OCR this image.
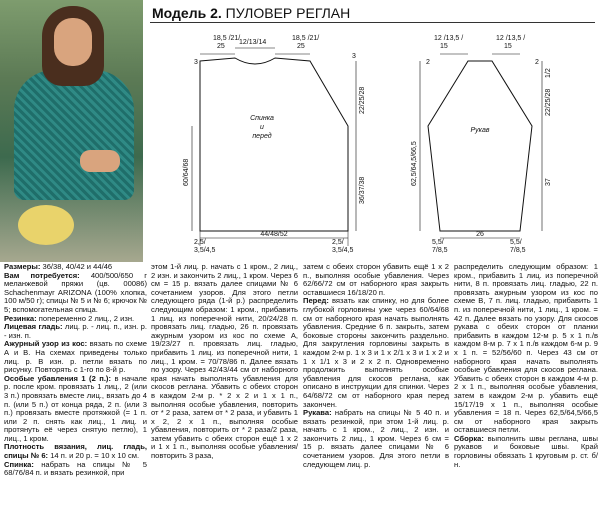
Модель 2. ПУЛОВЕР РЕГЛАН
Спинка
и
перед
18,5 /21/
25
12/13/14
18,5 /21/
25
3
3
60/64/68
22/25/28
36/37/38
44/48/52
2,5/
3,5/4,5
2,5/
3,5/4,5
Рукав
12 /13,5 /
15
12 /13,5 /
15
2	2
62,5/64,5/66,5
22/25/28
37
1/2
26
5,5/
7/8,5
5,5/
7/8,5

Размеры: 36/38, 40/42 и 44/46

Вам потребуется: 400/500/650 г меланжевой пряжи (цв. 00086) Schachenmayr ARIZONA (100% хлопка, 100 м/50 г); спицы № 5 и № 6; крючок № 5; вспомогательная спица.

Резинка: попеременно 2 лиц., 2 изн.

Лицевая гладь: лиц. р. - лиц. п., изн. р. - изн. п.

Ажурный узор из кос: вязать по схеме А и В. На схемах приведены только лиц. р. В изн. р. петли вязать по рисунку. Повторять с 1-го по 8-й р.

Особые убавления 1 (2 п.): в начале р. после кром. провязать 1 лиц., 2 (или 3 п.) провязать вместе лиц., вязать до 4 п. (или 5 п.) от конца ряда, 2 п. (или 3 п.) провязать вместе протяжкой (= 1 п. или 2 п. снять как лиц., 1 лиц. и протянуть её через снятую петлю), 1 лиц., 1 кром.

Плотность вязания, лиц. гладь, спицы № 6: 14 п. и 20 р. = 10 х 10 см.

Спинка: набрать на спицы № 5 68/76/84 п. и вязать резинкой, при

этом 1-й лиц. р. начать с 1 кром., 2 лиц., 2 изн. и закончить 2 лиц., 1 кром. Через 6 см = 15 р. вязать далее спицами № 6 сочетанием узоров. Для этого петли следующего ряда (1-й р.) распределить следующим образом: 1 кром., прибавить 1 лиц. из поперечной нити, 20/24/28 п. провязать лиц. гладью, 26 п. провязать ажурным узором из кос по схеме А, 19/23/27 п. провязать лиц. гладью, прибавить 1 лиц. из поперечной нити, 1 лиц., 1 кром. = 70/78/86 п. Далее вязать по узору. Через 42/43/44 см от наборного края начать выполнять убавления для скосов реглана. Убавить с обеих сторон в каждом 2-м р. * 2 х 2 и 1 х 1 п., выполняя особые убавления, повторить от * 2 раза, затем от * 2 раза, и убавить 1 х 2, 2 х 1 п., выполняя особые убавления, повторить от * 2 раза/2 раза, затем убавить с обеих сторон ещё 1 х 2 и 1 х 1 п., выполняя особые убавления/повторить 3 раза,

затем с обеих сторон убавить ещё 1 х 2 п., выполняя особые убавления. Через 62/66/72 см от наборного края закрыть оставшиеся 16/18/20 п.

Перед: вязать как спинку, но для более глубокой горловины уже через 60/64/68 см от наборного края начать выполнять убавления. Средние 6 п. закрыть, затем боковые стороны закончить раздельно. Для закругления горловины закрыть в каждом 2-м р. 1 х 3 и 1 х 2/1 х 3 и 1 х 2 и 1 х 1/1 х 3 и 2 х 2 п. Одновременно продолжить выполнять особые убавления для скосов реглана, как описано в инструкции для спинки. Через 64/68/72 см от наборного края перед закончен.

Рукава: набрать на спицы № 5 40 п. и вязать резинкой, при этом 1-й лиц. р. начать с 1 кром., 2 лиц., 2 изн. и закончить 2 лиц., 1 кром. Через 6 см = 15 р. вязать далее спицами № 6 сочетанием узоров. Для этого петли в следующем лиц. р.

распределить следующим образом: 1 кром., прибавить 1 лиц. из поперечной нити, 8 п. провязать лиц. гладью, 22 п. провязать ажурным узором из кос по схеме В, 7 п. лиц. гладью, прибавить 1 п. из поперечной нити, 1 лиц., 1 кром. = 42 п. Далее вязать по узору. Для скосов рукава с обеих сторон от планки прибавить в каждом 12-м р. 5 х 1 п./в каждом 8-м р. 7 х 1 п./в каждом 6-м р. 9 х 1 п. = 52/56/60 п. Через 43 см от наборного края начать выполнять особые убавления для скосов реглана. Убавить с обеих сторон в каждом 4-м р. 2 х 1 п., выполняя особые убавления, затем в каждом 2-м р. убавить ещё 15/17/19 х 1 п., выполняя особые убавления = 18 п. Через 62,5/64,5/66,5 см от наборного края закрыть оставшиеся петли.

Сборка: выполнить швы реглана, швы рукавов и боковые швы. Край горловины обвязать 1 круговым р. ст. б/н.
